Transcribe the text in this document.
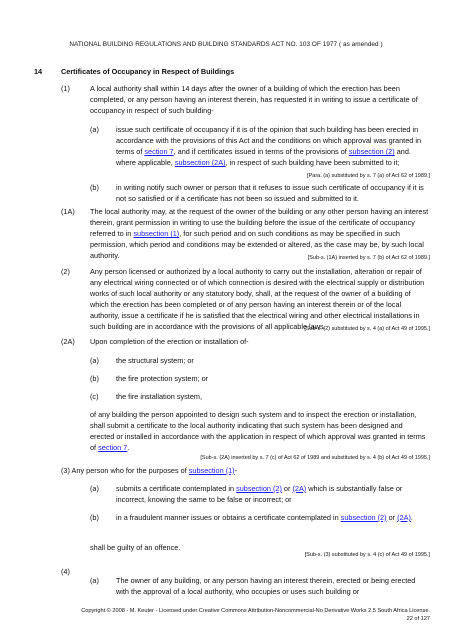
NATIONAL BUILDING REGULATIONS AND BUILDING STANDARDS ACT NO. 103 OF 1977 ( as amended )
14	Certificates of Occupancy in Respect of Buildings
(1)	A local authority shall within 14 days after the owner of a building of which the erection has been completed, or any person having an interest therein, has requested it in writing to issue a certificate of occupancy in respect of such building-
(a) issue such certificate of occupancy if it is of the opinion that such building has been erected in accordance with the provisions of this Act and the conditions on which approval was granted in terms of section 7, and if certificates issued in terms of the provisions of subsection (2) and. where applicable, subsection (2A), in respect of such building have been submitted to it;
[Para. (a) substituted by s. 7 (a) of Act 62 of 1989.]
(b) in writing notify such owner or person that it refuses to issue such certificate of occupancy if it is not so satisfied or if a certificate has not been so issued and submitted to it.
(1A) The local authority may, at the request of the owner of the building or any other person having an interest therein, grant permission in writing to use the building before the issue of the certificate of occupancy referred to in subsection (1), for such period and on such conditions as may be specified in such permission, which period and conditions may be extended or altered, as the case may be, by such local authority.	[Sub-s. (1A) inserted by s. 7 (b) of Act 62 of 1989.]
(2)	Any person licensed or authorized by a local authority to carry out the installation, alteration or repair of any electrical wiring connected or of which connection is desired with the electrical supply or distribution works of such local authority or any statutory body, shall, at the request of the owner of a building of which the erection has been completed or of any person having an interest therein or of the local authority, issue a certificate if he is satisfied that the electrical wiring and other electrical installations in such building are in accordance with the provisions of all applicable laws.
[Sub-s. (2) substituted by s. 4 (a) of Act 49 of 1995.]
(2A) Upon completion of the erection or installation of-
(a) the structural system; or
(b) the fire protection system; or
(c) the fire installation system,
of any building the person appointed to design such system and to inspect the erection or installation, shall submit a certificate to the local authority indicating that such system has been designed and erected or installed in accordance with the application in respect of which approval was granted in terms of section 7.
[Sub-s. (2A) inserted by s. 7 (c) of Act 62 of 1989 and substituted by s. 4 (b) of Act 49 of 1995.]
(3) Any person who for the purposes of subsection (1)-
(a) submits a certificate contemplated in subsection (2) or (2A) which is substantially false or incorrect, knowing the same to be false or incorrect; or
(b) in a fraudulent manner issues or obtains a certificate contemplated in subsection (2) or (2A).
shall be guilty of an offence.
[Sub-s. (3) substituted by s. 4 (c) of Act 49 of 1995.]
(4)
(a) The owner of any building, or any person having an interest therein, erected or being erected with the approval of a local authority, who occupies or uses such building or
Copyright © 2008 - M. Keuter - Licensed under Creative Commons Attribution-Noncommercial-No Derivative Works 2.5 South Africa License.
22 of 127
